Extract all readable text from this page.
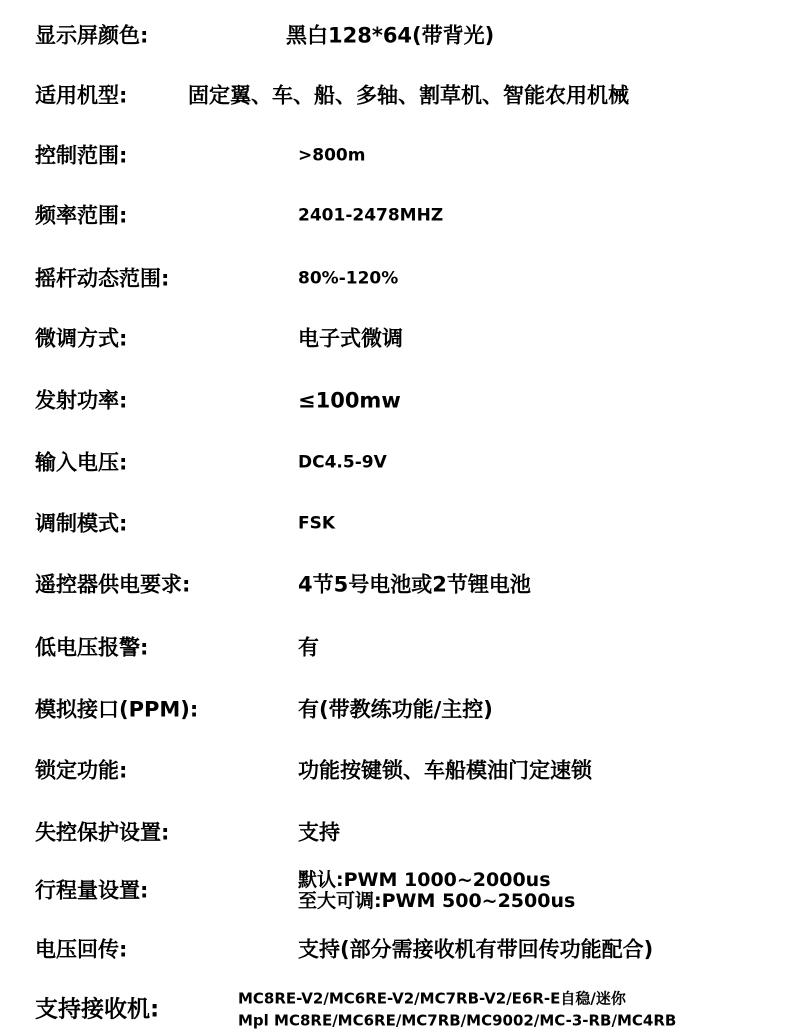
显示屏颜色:	黑白128*64(带背光)
适用机型:	固定翼、车、船、多轴、割草机、智能农用机械
控制范围:	>800m
频率范围:	2401-2478MHZ
摇杆动态范围:	80%-120%
微调方式:	电子式微调
发射功率:	≤100mw
输入电压:	DC4.5-9V
调制模式:	FSK
遥控器供电要求:	4节5号电池或2节锂电池
低电压报警:	有
模拟接口(PPM):	有(带教练功能/主控)
锁定功能:	功能按键锁、车船模油门定速锁
失控保护设置:	支持
行程量设置:	默认:PWM 1000~2000us
至大可调:PWM 500~2500us
电压回传:	支持(部分需接收机有带回传功能配合)
支持接收机:	MC8RE-V2/MC6RE-V2/MC7RB-V2/E6R-E自稳/迷你
Mpl MC8RE/MC6RE/MC7RB/MC9002/MC-3-RB/MC4RB
